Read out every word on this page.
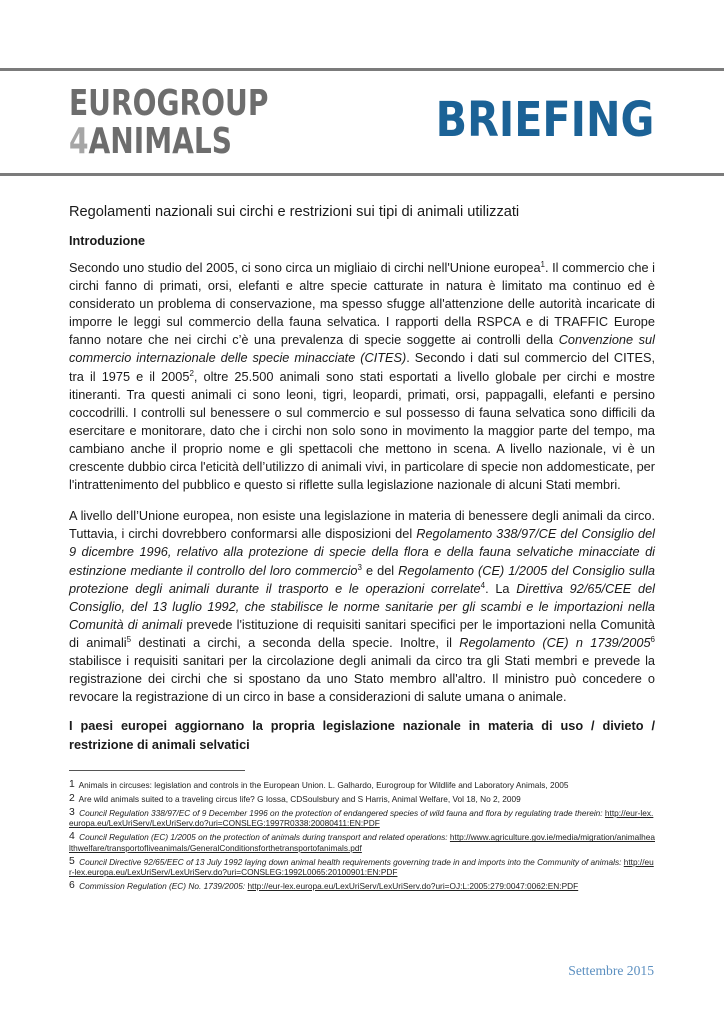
EUROGROUP
4ANIMALS	BRIEFING
Regolamenti nazionali sui circhi e restrizioni sui tipi di animali utilizzati
Introduzione

Secondo uno studio del 2005, ci sono circa un migliaio di circhi nell'Unione europea$^1$. Il commercio che i circhi fanno di primati, orsi, elefanti e altre specie catturate in natura è limitato ma continuo ed è considerato un problema di conservazione, ma spesso sfugge all'attenzione delle autorità incaricate di imporre le leggi sul commercio della fauna selvatica. I rapporti della RSPCA e di TRAFFIC Europe fanno notare che nei circhi c’è una prevalenza di specie soggette ai controlli della Convenzione sul commercio internazionale delle specie minacciate (CITES). Secondo i dati sul commercio del CITES, tra il 1975 e il 2005$^2$, oltre 25.500 animali sono stati esportati a livello globale per circhi e mostre itineranti. Tra questi animali ci sono leoni, tigri, leopardi, primati, orsi, pappagalli, elefanti e persino coccodrilli. I controlli sul benessere o sul commercio e sul possesso di fauna selvatica sono difficili da esercitare e monitorare, dato che i circhi non solo sono in movimento la maggior parte del tempo, ma cambiano anche il proprio nome e gli spettacoli che mettono in scena. A livello nazionale, vi è un crescente dubbio circa l'eticità dell’utilizzo di animali vivi, in particolare di specie non addomesticate, per l'intrattenimento del pubblico e questo si riflette sulla legislazione nazionale di alcuni Stati membri.

A livello dell’Unione europea, non esiste una legislazione in materia di benessere degli animali da circo. Tuttavia, i circhi dovrebbero conformarsi alle disposizioni del Regolamento 338/97/CE del Consiglio del 9 dicembre 1996, relativo alla protezione di specie della flora e della fauna selvatiche minacciate di estinzione mediante il controllo del loro commercio$^3$ e del Regolamento (CE) 1/2005 del Consiglio sulla protezione degli animali durante il trasporto e le operazioni correlate$^4$. La Direttiva 92/65/CEE del Consiglio, del 13 luglio 1992, che stabilisce le norme sanitarie per gli scambi e le importazioni nella Comunità di animali prevede l'istituzione di requisiti sanitari specifici per le importazioni nella Comunità di animali$^5$ destinati a circhi, a seconda della specie. Inoltre, il Regolamento (CE) n 1739/2005$^6$ stabilisce i requisiti sanitari per la circolazione degli animali da circo tra gli Stati membri e prevede la registrazione dei circhi che si spostano da uno Stato membro all'altro. Il ministro può concedere o revocare la registrazione di un circo in base a considerazioni di salute umana o animale.

I paesi europei aggiornano la propria legislazione nazionale in materia di uso / divieto / restrizione di animali selvatici
1 Animals in circuses: legislation and controls in the European Union. L. Galhardo, Eurogroup for Wildlife and Laboratory Animals, 2005
2 Are wild animals suited to a traveling circus life? G Iossa, CDSoulsbury and S Harris, Animal Welfare, Vol 18, No 2, 2009
3 Council Regulation 338/97/EC of 9 December 1996 on the protection of endangered species of wild fauna and flora by regulating trade therein: http://eur-lex.europa.eu/LexUriServ/LexUriServ.do?uri=CONSLEG:1997R0338:20080411:EN:PDF
4 Council Regulation (EC) 1/2005 on the protection of animals during transport and related operations: http://www.agriculture.gov.ie/media/migration/animalhealthwelfare/transportofliveanimals/GeneralConditionsforthetransportofanimals.pdf
5 Council Directive 92/65/EEC of 13 July 1992 laying down animal health requirements governing trade in and imports into the Community of animals: http://eur-lex.europa.eu/LexUriServ/LexUriServ.do?uri=CONSLEG:1992L0065:20100901:EN:PDF
6 Commission Regulation (EC) No. 1739/2005: http://eur-lex.europa.eu/LexUriServ/LexUriServ.do?uri=OJ:L:2005:279:0047:0062:EN:PDF
Settembre 2015
